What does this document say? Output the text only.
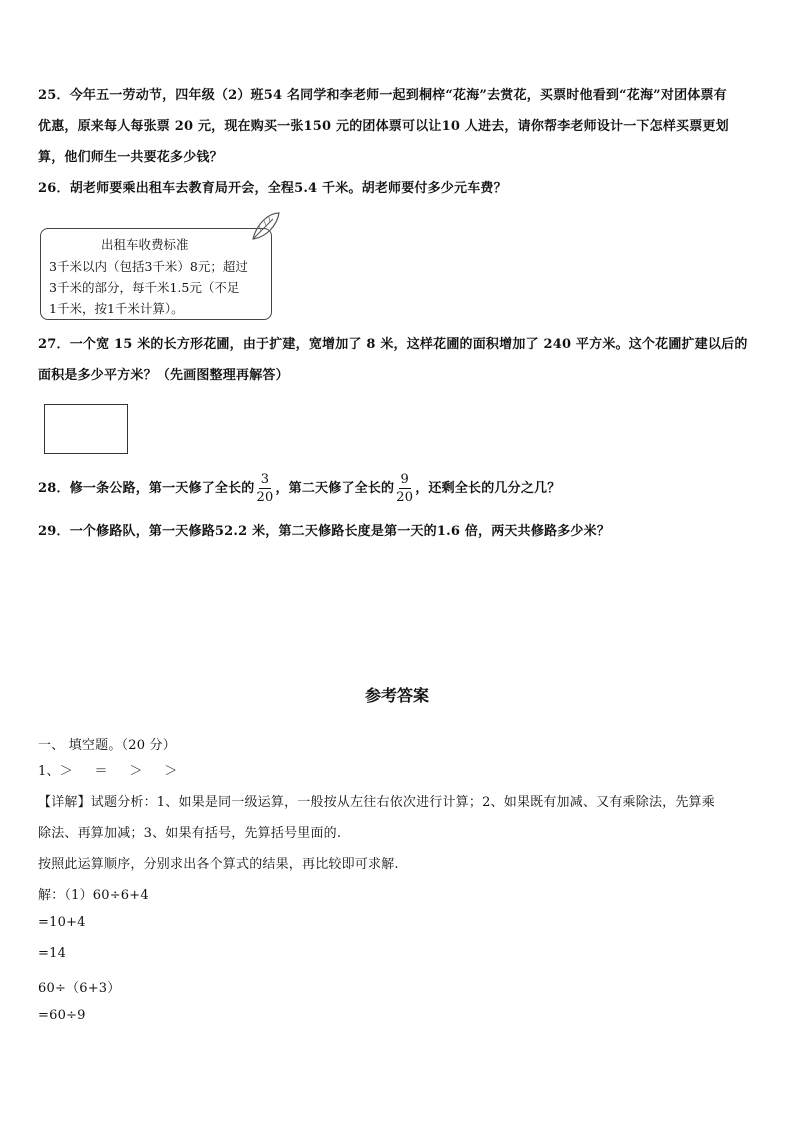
25．今年五一劳动节，四年级（2）班54 名同学和李老师一起到桐梓“花海”去赏花，买票时他看到“花海”对团体票有
优惠，原来每人每张票 20 元，现在购买一张150 元的团体票可以让10 人进去，请你帮李老师设计一下怎样买票更划
算，他们师生一共要花多少钱？
26．胡老师要乘出租车去教育局开会，全程5.4 千米。胡老师要付多少元车费？
出租车收费标准
3千米以内（包括3千米）8元；超过
3千米的部分，每千米1.5元（不足
1千米，按1千米计算）。
27．一个宽 15 米的长方形花圃，由于扩建，宽增加了 8 米，这样花圃的面积增加了 240 平方米。这个花圃扩建以后的
面积是多少平方米？（先画图整理再解答）
28．修一条公路，第一天修了全长的 $\frac{3}{20}$ ，第二天修了全长的 $\frac{9}{20}$ ，还剩全长的几分之几？
29．一个修路队，第一天修路52.2 米，第二天修路长度是第一天的1.6 倍，两天共修路多少米？
参考答案
一、 填空题。（20 分）
1、＞     ＝     ＞     ＞
【详解】试题分析：1、如果是同一级运算，一般按从左往右依次进行计算；2、如果既有加减、又有乘除法，先算乘
除法、再算加减；3、如果有括号，先算括号里面的.
按照此运算顺序，分别求出各个算式的结果，再比较即可求解.
解：（1）60÷6+4
=10+4
=14
60÷（6+3）
=60÷9
